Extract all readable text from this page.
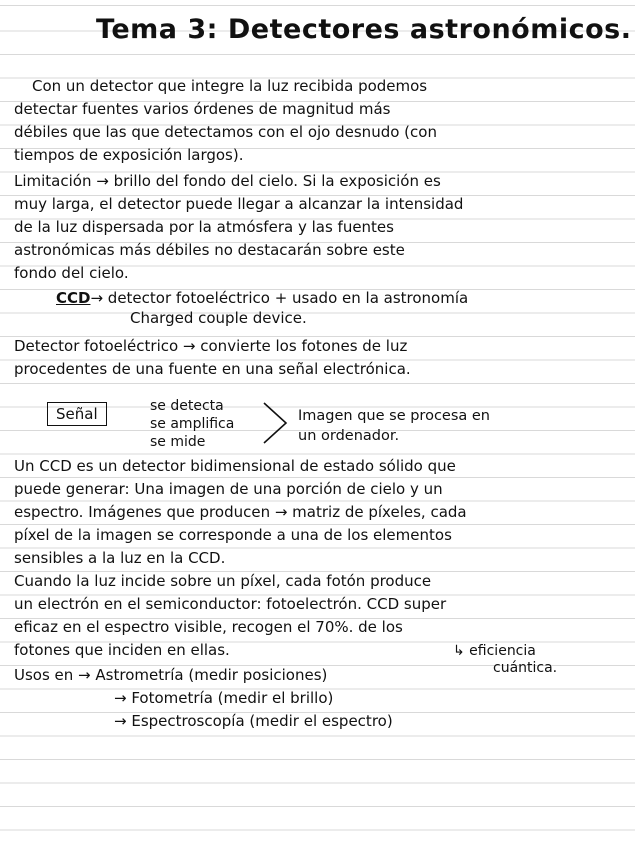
Tema 3: Detectores astronómicos.
Con un detector que integre la luz recibida podemos
detectar fuentes varios órdenes de magnitud más
débiles que las que detectamos con el ojo desnudo (con
tiempos de exposición largos).
Limitación → brillo del fondo del cielo. Si la exposición es
muy larga, el detector puede llegar a alcanzar la intensidad
de la luz dispersada por la atmósfera y las fuentes
astronómicas más débiles no destacarán sobre este
fondo del cielo.
CCD→ detector fotoeléctrico + usado en la astronomía
Charged couple device.
Detector fotoeléctrico → convierte los fotones de luz
procedentes de una fuente en una señal electrónica.
Señal	se detecta
se amplifica
se mide
Imagen que se procesa en
un ordenador.
Un CCD es un detector bidimensional de estado sólido que
puede generar: Una imagen de una porción de cielo y un
espectro. Imágenes que producen → matriz de píxeles, cada
píxel de la imagen se corresponde a una de los elementos
sensibles a la luz en la CCD.
Cuando la luz incide sobre un píxel, cada fotón produce
un electrón en el semiconductor: fotoelectrón. CCD super
eficaz en el espectro visible, recogen el 70%. de los
fotones que inciden en ellas.	↳ eficiencia
cuántica.
Usos en → Astrometría (medir posiciones)
→ Fotometría (medir el brillo)
→ Espectroscopía (medir el espectro)
